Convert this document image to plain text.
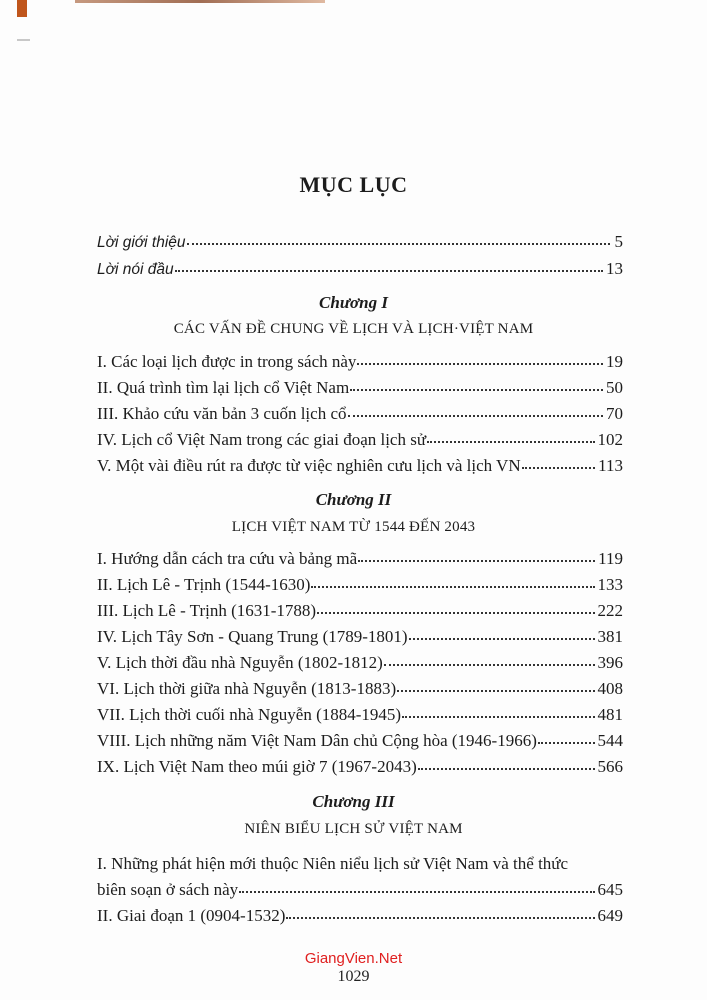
MỤC LỤC
Lời giới thiệu	5
Lời nói đầu	13
Chương I
CÁC VẤN ĐỀ CHUNG VỀ LỊCH VÀ LỊCH·VIỆT NAM
I. Các loại lịch được in trong sách này	19
II. Quá trình tìm lại lịch cổ Việt Nam	50
III. Khảo cứu văn bản 3 cuốn lịch cổ	70
IV. Lịch cổ Việt Nam trong các giai đoạn lịch sử	102
V. Một vài điều rút ra được từ việc nghiên cưu lịch và lịch VN	113
Chương II
LỊCH VIỆT NAM TỪ 1544 ĐẾN 2043
I. Hướng dẫn cách tra cứu và bảng mã	119
II. Lịch Lê - Trịnh (1544-1630)	133
III. Lịch Lê - Trịnh (1631-1788)	222
IV. Lịch Tây Sơn - Quang Trung (1789-1801)	381
V. Lịch thời đầu nhà Nguyễn (1802-1812)	396
VI. Lịch thời giữa nhà Nguyễn (1813-1883)	408
VII. Lịch thời cuối nhà Nguyễn (1884-1945)	481
VIII. Lịch những năm Việt Nam Dân chủ Cộng hòa (1946-1966)	544
IX. Lịch Việt Nam theo múi giờ 7 (1967-2043)	566
Chương III
NIÊN BIỂU LỊCH SỬ VIỆT NAM
I. Những phát hiện mới thuộc Niên niểu lịch sử Việt Nam và thể thức
biên soạn ở sách này	645
II. Giai đoạn 1 (0904-1532)	649
GiangVien.Net
1029
